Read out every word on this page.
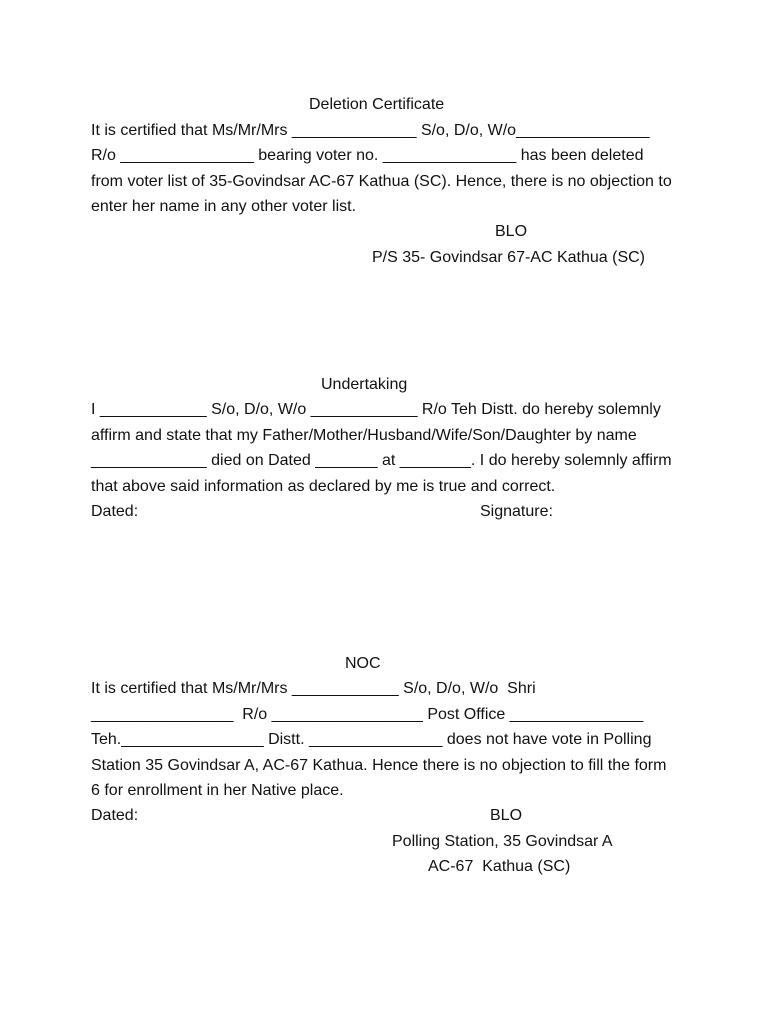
Deletion Certificate
It is certified that Ms/Mr/Mrs ______________ S/o, D/o, W/o_______________
R/o _______________ bearing voter no. _______________ has been deleted
from voter list of 35-Govindsar AC-67 Kathua (SC). Hence, there is no objection to
enter her name in any other voter list.
BLO
P/S 35- Govindsar 67-AC Kathua (SC)
Undertaking
I ____________ S/o, D/o, W/o ____________ R/o Teh Distt. do hereby solemnly
affirm and state that my Father/Mother/Husband/Wife/Son/Daughter by name
_____________ died on Dated _______ at ________. I do hereby solemnly affirm
that above said information as declared by me is true and correct.
Dated:	Signature:
NOC
It is certified that Ms/Mr/Mrs ____________ S/o, D/o, W/o  Shri
________________  R/o _________________ Post Office _______________
Teh.________________ Distt. _______________ does not have vote in Polling
Station 35 Govindsar A, AC-67 Kathua. Hence there is no objection to fill the form
6 for enrollment in her Native place.
Dated:	BLO
Polling Station, 35 Govindsar A
AC-67  Kathua (SC)
